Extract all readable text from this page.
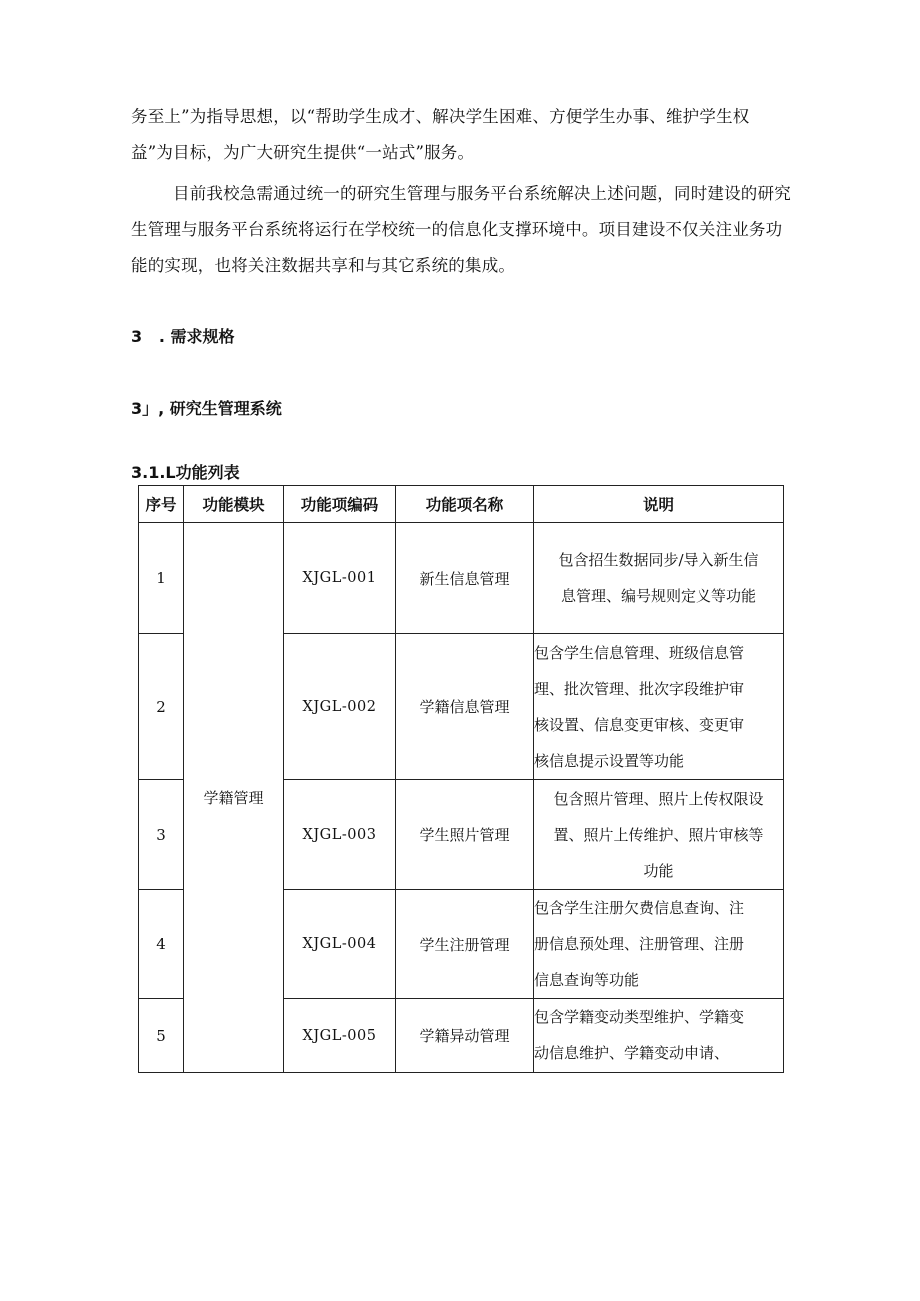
务至上”为指导思想，以“帮助学生成才、解决学生困难、方便学生办事、维护学生权益”为目标，为广大研究生提供“一站式”服务。

目前我校急需通过统一的研究生管理与服务平台系统解决上述问题，同时建设的研究生管理与服务平台系统将运行在学校统一的信息化支撑环境中。项目建设不仅关注业务功能的实现，也将关注数据共享和与其它系统的集成。

3   . 需求规格
3」, 研究生管理系统
3.1.L功能列表
序号	功能模块	功能项编码	功能项名称	说明
1	学籍管理	XJGL-001	新生信息管理	包含招生数据同步/导入新生信
息管理、编号规则定义等功能

2		XJGL-002	学籍信息管理	包含学生信息管理、班级信息管
理、批次管理、批次字段维护审
核设置、信息变更审核、变更审
核信息提示设置等功能

3		XJGL-003	学生照片管理	包含照片管理、照片上传权限设
置、照片上传维护、照片审核等
功能

4		XJGL-004	学生注册管理	包含学生注册欠费信息查询、注
册信息预处理、注册管理、注册
信息查询等功能

5		XJGL-005	学籍异动管理	包含学籍变动类型维护、学籍变
动信息维护、学籍变动申请、
